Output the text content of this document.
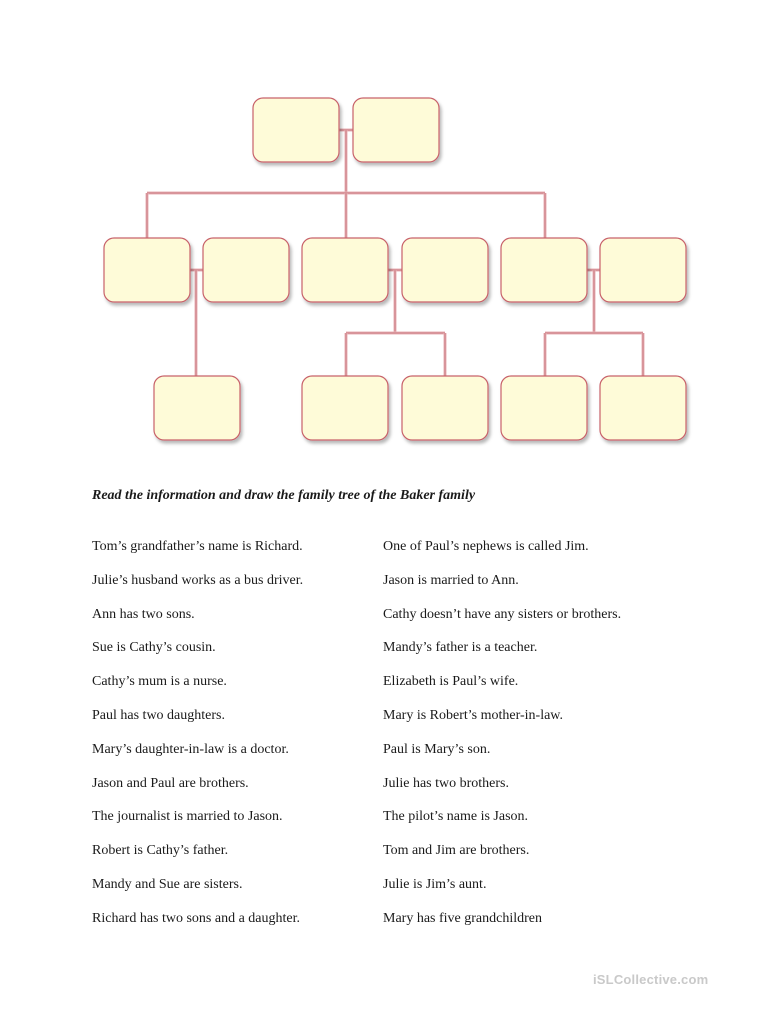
Read the information and draw the family tree of the Baker family
Tom’s grandfather’s name is Richard.
Julie’s husband works as a bus driver.
Ann has two sons.
Sue is Cathy’s cousin.
Cathy’s mum is a nurse.
Paul has two daughters.
Mary’s daughter-in-law is a doctor.
Jason and Paul are brothers.
The journalist is married to Jason.
Robert is Cathy’s father.
Mandy and Sue are sisters.
Richard has two sons and a daughter.
One of Paul’s nephews is called Jim.
Jason is married to Ann.
Cathy doesn’t have any sisters or brothers.
Mandy’s father is a teacher.
Elizabeth is Paul’s wife.
Mary is Robert’s mother-in-law.
Paul is Mary’s son.
Julie has two brothers.
The pilot’s name is Jason.
Tom and Jim are brothers.
Julie is Jim’s aunt.
Mary has five grandchildren
iSLCollective.com
